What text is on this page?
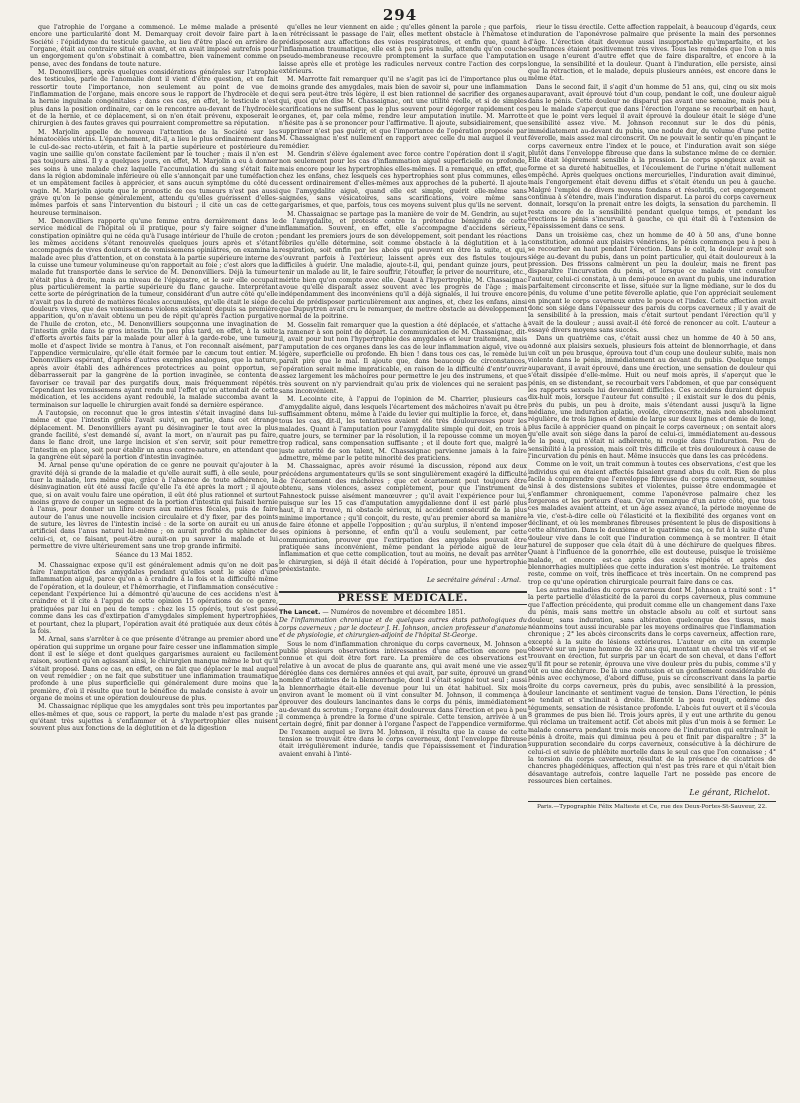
294

que l'atrophie de l'organe a commencé. Le même malade a présenté encore une particularité dont M. Demarquay croit devoir faire part à la Société : l'épididyme du testicule gauche, au lieu d'être placé en arrière de l'organe, était au contraire situé en avant, et en avait imposé autrefois pour un engorgement qu'on s'obstinait à combattre, bien vainement comme on pense, avec des fondans de toute nature.

M. Denonvilliers, après quelques considérations générales sur l'atrophie des testicules, parle de l'anomalie dont il vient d'être question, et en fait ressortir toute l'importance, non seulement au point de vue de l'inflammation de l'organe, mais encore sous le rapport de l'hydrocèle et de la hernie inguinale congénitales ; dans ces cas, en effet, le testicule n'est plus dans la position ordinaire, car on le rencontre au-devant de l'hydrocèle et de la hernie, et ce déplacement, si on n'en était prévenu, exposerait le chirurgien à des fautes graves qui pourraient compromettre sa réputation.

M. Marjolin appelle de nouveau l'attention de la Société sur les hématocèles utérins. L'épanchement, dit-il, a lieu le plus ordinairement dans le cul-de-sac recto-utérin, et fait à la partie supérieure et postérieure du vagin une saillie qu'on constate facilement par le toucher ; mais il n'en est pas toujours ainsi. Il y a quelques jours, en effet, M. Marjolin a eu à donner ses soins à une malade chez laquelle l'accumulation du sang s'était faite dans la région abdominale inférieure où elle s'annonçait par une tuméfaction et un empâtement faciles à apprécier, et sans aucun symptôme du côté du vagin. M. Marjolin ajoute que le pronostic de ces tumeurs n'est pas aussi grave qu'on le pense généralement, attendu qu'elles guérissent d'elles-mêmes parfois et sans l'intervention du bistouri ; il cite un cas de cette heureuse terminaison.

M. Denonvilliers rapporte qu'une femme entra dernièrement dans le service médical de l'hôpital où il pratique, pour s'y faire soigner d'une constipation opiniâtre qui ne céda qu'à l'usage intérieur de l'huile de croton ; les mêmes accidens s'étant renouvelés quelques jours après et s'étant accompagnés de vives douleurs et de vomissemens opiniâtres, on examina la malade avec plus d'attention, et on constata à la partie supérieure interne de la cuisse une tumeur volumineuse qu'on rapportait au foie ; c'est alors que la malade fut transportée dans le service de M. Denonvilliers. Déjà la tumeur n'était plus à droite, mais au niveau de l'épigastre, et le soir elle occupait plus particulièrement la partie supérieure du flanc gauche. Interprétant cette sorte de pérégrination de la tumeur, considérant d'un autre côté qu'elle n'avait pas la dureté de matières fécales accumulées, qu'elle était le siége de douleurs vives, que des vomissemens violens existaient depuis sa première apparition, qu'on n'avait obtenu un peu de répit qu'après l'action purgative de l'huile de croton, etc., M. Denonvilliers soupçonna une invagination de l'intestin grêle dans le gros intestin. Un peu plus tard, en effet, à la suite d'efforts avortés faits par la malade pour aller à la garde-robe, une tumeur molle et d'aspect livide se montra à l'anus, et l'on reconnaît aisément, par l'appendice vermiculaire, qu'elle était formée par le cæcum tout entier. M. Denonvilliers espérant, d'après d'autres exemples analogues, que la nature, après avoir établi des adhérences protectrices au point opportun, se débarrasserait par la gangrène de la portion invaginée, se contenta de favoriser ce travail par des purgatifs doux, mais fréquemment répétés. Cependant les vomissemens ayant rendu nul l'effet qu'on attendait de cette médication, et les accidens ayant redoublé, la malade succomba avant la terminaison sur laquelle le chirurgien avait fondé sa dernière espérance.

A l'autopsie, on reconnut que le gros intestin s'était invaginé dans lui-même et que l'intestin grêle l'avait suivi, en partie, dans cet étrange déplacement. M. Denonvilliers ayant pu désinvaginer le tout avec la plus grande facilité, s'est demandé si, avant la mort, on n'aurait pas pu faire, dans le flanc droit, une large incision et s'en servir, soit pour remettre l'intestin en place, soit pour établir un anus contre-nature, en attendant que la gangrène eût séparé la portion d'intestin invaginée.

M. Arnal pense qu'une opération de ce genre ne pouvait qu'ajouter à la gravité déjà si grande de la maladie et qu'elle aurait suffi, à elle seule, pour tuer la malade, lors même que, grâce à l'absence de toute adhérence, la désinvagination eût été aussi facile qu'elle l'a été après la mort ; il ajoute que, si on avait voulu faire une opération, il eût été plus rationnel et surtout moins grave de couper un segment de la portion d'intestin qui faisait hernie à l'anus, pour donner un libre cours aux matières fécales, puis de faire autour de l'anus une nouvelle incision circulaire et d'y fixer, par des points de suture, les lèvres de l'intestin incisé : de la sorte on aurait eu un anus artificiel dans l'anus naturel lui-même ; on aurait profité du sphincter de celui-ci, et, ce faisant, peut-être aurait-on pu sauver la malade et lui permettre de vivre ultérieurement sans une trop grande infirmité.

Séance du 13 Mai 1852.

M. Chassaignac expose qu'il est généralement admis qu'on ne doit pas faire l'amputation des amygdales pendant qu'elles sont le siége d'une inflammation aiguë, parce qu'on a à craindre à la fois et la difficulté même de l'opération, et la douleur, et l'hémorrhagie, et l'inflammation consécutive : cependant l'expérience lui a démontré qu'aucune de ces accidens n'est à craindre et il cite à l'appui de cette opinion 15 opérations de ce genre, pratiquées par lui en peu de temps : chez les 15 opérés, tout s'est passé comme dans les cas d'extirpation d'amygdales simplement hypertrophiées, et pourtant, chez la plupart, l'opération avait été pratiquée aux deux côtés à la fois.

M. Arnal, sans s'arrêter à ce que présente d'étrange au premier abord une opération qui supprime un organe pour faire cesser une inflammation simple dont il est le siége et dont quelques gargarismes auraient eu facilement raison, soutient qu'en agissant ainsi, le chirurgien manque même le but qu'il s'était proposé. Dans ce cas, en effet, on ne fait que déplacer le mal auquel on veut remédier ; on ne fait que substituer une inflammation traumatique profonde à une plus superficielle qui généralement dure moins que la première, d'où il résulte que tout le bénéfice du malade consiste à avoir un organe de moins et une opération douloureuse de plus.

M. Chassaignac réplique que les amygdales sont très peu importantes par elles-mêmes et que, sous ce rapport, la perte du malade n'est pas grande ; qu'étant très sujettes à s'enflammer et à s'hypertrophier elles nuisent souvent plus aux fonctions de la déglutition et de la digestion

qu'elles ne leur viennent en aide ; qu'elles gênent la parole ; que parfois, en rétrécissant le passage de l'air, elles mettent obstacle à l'hématose et prédisposent aux affections des voies respiratoires, et enfin que, quant à l'inflammation traumatique, elle est à peu près nulle, attendu qu'on couche pseudo-membraneuse recouvre promptement la surface que l'amputation laisse après elle et protège les radicules nerveux contre l'action des corps extérieurs.

M. Marrotte fait remarquer qu'il ne s'agit pas ici de l'importance plus ou moins grande des amygdales, mais bien de savoir si, pour une inflammation qui sera peut-être très légère, il est bien rationnel de sacrifier des organes qui, quoi qu'en dise M. Chassaignac, ont une utilité réelle, et si de simples scarifications ne suffisent pas le plus souvent pour dégorger rapidement ces organes, et, par cela même, rendre leur amputation inutile. M. Marrotte n'hésite pas à se prononcer pour l'affirmative. Il ajoute, subsidiairement, que supprimer n'est pas guérir, et que l'importance de l'opération proposée par M. Chassaignac n'est nullement en rapport avec celle du mal auquel il veut remédier.

M. Gendrin s'élève également avec force contre l'opération dont il s'agit, non seulement pour les cas d'inflammation aiguë superficielle ou profonde, mais encore pour les hypertrophies elles-mêmes. Il a remarqué, en effet, que chez les enfans, chez lesquels ces hypertrophies sont plus communes, elles cessent ordinairement d'elles-mêmes aux approches de la puberté. Il ajoute que l'amygdalite aiguë, quand elle est simple, guérit elle-même sans saignées, sans vésicatoires, sans scarifications, voire même sans gargarismes, et que, parfois, tous ces moyens suivent plus qu'ils ne servent.

M. Chassaignac se partage pas la manière de voir de M. Gendrin, au sujet de l'amygdalite, et proteste contre la prétendue bénignité de cette inflammation. Souvent, en effet, elle s'accompagne d'accidens sérieux, pendant les premiers jours de son développement, soit pendant les réactions fébriles qu'elle détermine, soit comme obstacle à la déglutition et à la respiration, soit enfin par les abcès qui peuvent en être la suite, et qui, s'ouvrant parfois à l'extérieur, laissent après eux des fistules toujours difficiles à guérir. Une maladie, ajoute-t-il, qui, pendant quinze jours, peut tenir un malade au lit, le faire souffrir, l'étouffer, le priver de nourriture, etc., mérite bien qu'on compte avec elle. Quant à l'hypertrophie, M. Chassaignac avoue qu'elle disparaît assez souvent avec les progrès de l'âge ; mais indépendamment des inconvéniens qu'il a déjà signalés, il lui trouve encore celui de prédisposer particulièrement aux angines, et, chez les enfans, ainsi que Dupuytren avait cru le remarquer, de mettre obstacle au développement normal de la poitrine.

M. Gosselin fait remarquer que la question a été déplacée, et s'attache à la ramener à son point de départ. La communication de M. Chassaignac, dit-il, avait pour but non l'hypertrophie des amygdales et leur traitement, mais l'amputation de ces organes dans les cas de leur inflammation aiguë, vive ou légère, superficielle ou profonde. Eh bien ! dans tous ces cas, le remède lui paraît pire que le mal. Il ajoute que, dans beaucoup de circonstances, l'opération serait même impraticable, en raison de la difficulté d'entr'ouvrir assez largement les mâchoires pour permettre le jeu des instrumens, et que très souvent on n'y parviendrait qu'au prix de violences qui ne seraient pas sans inconvénient.

M. Lecointe cite, à l'appui de l'opinion de M. Charrier, plusieurs cas d'amygdalite aiguë, dans lesquels l'écartement des mâchoires n'avait pu être suffisamment obtenu, même à l'aide du levier qui multiplie la force, et, dans tous les cas, dit-il, les tentatives avaient été très douloureuses pour les malades. Quant à l'amputation pour l'amygdalite simple qui doit, en trois à quatre jours, se terminer par la résolution, il la repousse comme un moyen trop radical, sans compensation suffisante ; et il doute fort que, malgré la juste autorité de son talent, M. Chassaignac parvienne jamais à la faire admettre, même par le petite minorité des praticiens.

M. Chassaignac, après avoir résumé la discussion, répond aux deux précédens argumentateurs qu'ils se sont singulièrement exagéré la difficulté de l'écartement des mâchoires ; que cet écartement peut toujours être obtenu, sans violences, assez complètement, pour que l'instrument de Fahnestock puisse aisément manœuvrer ; qu'il avait l'expérience pour lui, puisque sur les 15 cas d'amputation amygdalienne dont il est parlé plus haut, il n'a trouvé, ni obstacle sérieux, ni accident consécutif de la plus minime importance ; qu'il conçoit, du reste, qu'au premier abord sa manière de faire étonne et appelle l'opposition ; qu'au surplus, il n'entend imposer ses opinions à personne, et enfin qu'il a voulu seulement, par cette communication, prouver que l'extirpation des amygdales pouvait être pratiquée sans inconvénient, même pendant la période aiguë de leur inflammation et que cette complication, tout au moins, ne devait pas arrêter le chirurgien, si déjà il était décidé à l'opération, pour une hypertrophie préexistante.

Le secrétaire général : Arnal.

PRESSE MÉDICALE.

The Lancet. — Numéros de novembre et décembre 1851.

De l'inflammation chronique et de quelques autres états pathologiques du corps caverneux ; par le docteur J. H. Johnson, ancien professeur d'anatomie et de physiologie, et chirurgien-adjoint de l'hôpital St-George.

Sous le nom d'inflammation chronique du corps caverneux, M. Johnson a publié plusieurs observations intéressantes d'une affection encore peu connue et qui doit être fort rare. La première de ces observations est relative à un avocat de plus de quarante ans, qui avait mené une vie assez déréglée dans ces dernières années et qui avait, par suite, éprouvé un grand nombre d'atteintes de la blennorrhagie, dont il s'était soigné tout seul ; aussi la blennorrhagie était-elle devenue pour lui un état habituel. Six mois environ avant le moment où il vint consulter M. Johnson, il commença à éprouver des douleurs lancinantes dans le corps du pénis, immédiatement au-devant du scrotum ; l'organe était douloureux dans l'érection et peu à peu il commença à prendre la forme d'une spirale. Cette tension, arrivée à un certain degré, finit par donner à l'organe l'aspect de l'appendice vermiforme. De l'examen auquel se livra M. Johnson, il résulta que la cause de cette tension se trouvait être dans le corps caverneux, dont l'enveloppe fibreuse était irrégulièrement indurée, tandis que l'épaississement et l'induration avaient envahi à l'inté-

rieur le tissu érectile. Cette affection rappelait, à beaucoup d'égards, ceux induration de l'aponévrose palmaire que présente la main des personnes d'âge. L'érection était devenue aussi insupportable qu'imparfaite, et les souffrances étaient positivement très vives. Tous les remèdes que l'on a mis en usage n'eurent d'autre effet que de faire disparaître, et encore à la longue, la sensibilité et la douleur. Quant à l'induration, elle persiste, ainsi que la rétraction, et le malade, depuis plusieurs années, est encore dans le même état.

Dans le second fait, il s'agit d'un homme de 51 ans, qui, cinq ou six mois auparavant, avait éprouvé tout d'un coup, pendant le coït, une douleur aiguë dans le pénis. Cette douleur ne disparut pas avant une semaine, mais peu à peu le malade s'aperçut que dans l'érection l'organe se recourbait en haut, et que le point vers lequel il avait éprouvé la douleur était le siége d'une sensibilité assez vive. M. Johnson reconnut sur le dos du pénis, immédiatement au-devant du pubis, une nodule dur, du volume d'une petite féverolle, mais assez mal circonscrit. On ne pouvait le sentir qu'en pinçant le corps caverneux entre l'index et le pouce, et l'induration avait son siége plutôt dans l'enveloppe fibreuse que dans la substance même de ce dernier. Elle était légèrement sensible à la pression. Le corps spongieux avait sa forme et sa dureté habituelles, et l'écoulement de l'urine n'était nullement empêché. Après quelques onctions mercurielles, l'induration avait diminué, mais l'engorgement était devenu diffus et s'était étendu un peu à gauche. Malgré l'emploi de divers moyens fondans et résolutifs, cet engorgement continua à s'étendre, mais l'induration disparut. La paroi du corps caverneux donnait, lorsqu'on la prenait entre les doigts, la sensation du parchemin. Il resta encore de la sensibilité pendant quelque temps, et pendant les érections le pénis s'incurvait à gauche, ce qui était dû à l'extension de l'épaississement dans ce sens.

Dans un troisième cas, chez un homme de 40 à 50 ans, d'une bonne constitution, adonné aux plaisirs vénériens, le pénis commença peu à peu à se recourber en haut pendant l'érection. Dans le coït, la douleur avait son siége au-devant du pubis, dans un point particulier, qui était douloureux à la pression. Des frissons calmèrent un peu la douleur, mais ne firent pas disparaître l'incurvation du pénis, et lorsque ce malade vint consulter l'auteur, celui-ci constata, à un demi-pouce en avant du pubis, une induration parfaitement circonscrite et lisse, située sur la ligne médiane, sur le dos du pénis, du volume d'une petite féverolle aplatie, que l'on appréciait seulement en pinçant le corps caverneux entre le pouce et l'index. Cette affection avait donc son siége dans l'épaisseur des parois du corps caverneux ; il y avait de la sensibilité à la pression, mais c'était surtout pendant l'érection qu'il y avait de la douleur ; aussi avait-il été forcé de renoncer au coït. L'auteur a essayé divers moyens sans succès.

Dans un quatrième cas, c'était aussi chez un homme de 40 à 50 ans, adonné aux plaisirs sexuels, plusieurs fois atteint de blennorrhagie, et dans un coït un peu brusque, éprouva tout d'un coup une douleur subite, mais non violente dans le pénis, immédiatement au devant du pubis. Quelque temps auparavant, il avait éprouvé, dans une érection, une sensation de douleur qui s'était dissipée d'elle-même. Huit ou neuf mois après, il s'aperçut que le pénis, en se distendant, se recourbait vers l'abdomen, et que par conséquent les rapports sexuels lui devenaient difficiles. Ces accidens duraient depuis dix-huit mois, lorsque l'auteur fut consulté ; il existait sur le dos du pénis, près du pubis, un peu à droite, mais s'étendant aussi jusqu'à la ligne médiane, une induration aplatie, ovoïde, circonscrite, mais non absolument régulière, de trois lignes et demie de large sur deux lignes et demie de long, plus facile à apprécier quand on pinçait le corps caverneux ; on sentait alors qu'elle avait son siége dans la paroi de celui-ci, immédiatement au-dessous de la peau, qui n'était ni adhérente, ni rougie dans l'induration. Peu de sensibilité à la pression, mais coït très difficile et très douloureux à cause de l'incurvation du pénis en haut. Même insuccès que dans les cas précédens.

Comme on le voit, un trait commun à toutes ces observations, c'est que les individus qui en étaient affectés faisaient grand abus du coït. Rien de plus facile à comprendre que l'enveloppe fibreuse du corps caverneux, soumise ainsi à des distensions subites et violentes, puisse être endommagée et s'enflammer chroniquement, comme l'aponévrose palmaire chez les forgerons et les porteurs d'eau. Qu'on remarque d'un autre côté, que tous ces malades avaient atteint, et un âge assez avancé, la période moyenne de la vie, c'est-à-dire celle où l'élasticité et la flexibilité des organes vont en déclinant, et où les membranes fibreuses présentent le plus de dispositions à cette altération. Dans le deuxième et le quatrième cas, ce fut à la suite d'une douleur vive dans le coït que l'induration commença à se montrer. Il était naturel de supposer que cela était dû à une déchirure de quelques fibres. Quant à l'influence de la gonorrhée, elle est douteuse, puisque le troisième malade, et encore est-ce après des excès répétés et après des blennorrhagies multipliées que cette induration s'est montrée. Le traitement reste, comme on voit, très inefficace et très incertain. On ne comprend pas trop ce qu'une opération chirurgicale pourrait faire dans ce cas.

Les autres maladies du corps caverneux dont M. Johnson a traité sont : 1° la perte partielle d'élasticité de la paroi du corps caverneux, plus commune que l'affection précédente, qui produit comme elle un changement dans l'axe du pénis, mais sans mettre un obstacle absolu au coït et surtout sans douleur, sans induration, sans altération quelconque des tissus, mais néanmoins tout aussi incurable par les moyens ordinaires que l'inflammation chronique ; 2° les abcès circonscrits dans le corps caverneux, affection rare, excepté à la suite de lésions extérieures. L'auteur en cite un exemple observé sur un jeune homme de 32 ans qui, montant un cheval très vif et se trouvant en érection, fut surpris par un écart de son cheval, et dans l'effort qu'il fit pour se retenir, éprouva une vive douleur près du pubis, comme s'il y eût eu une déchirure. De là une contusion et un gonflement considérable du pénis avec ecchymose, d'abord diffuse, puis se circonscrivant dans la partie droite du corps caverneux, près du pubis, avec sensibilité à la pression, douleur lancinante et sentiment vague de tension. Dans l'érection, le pénis se tendait et s'inclinait à droite. Bientôt la peau rougit, œdème des téguments, sensation de résistance profonde. L'abcès fut ouvert et il s'écoula 8 grammes de pus bien lié. Trois jours après, il y eut une arthrite du genou qui réclama un traitement actif. Cet abcès mit plus d'un mois à se fermer. Le malade conserva pendant trois mois encore de l'induration qui entraînait le pénis à droite, mais qui diminua peu à peu et finit par disparaître ; 3° la suppuration secondaire du corps caverneux, consécutive à la déchirure de celui-ci et suivie de phlébite mortelle dans le seul cas que l'on connaisse ; 4° la torsion du corps caverneux, résultat de la présence de cicatrices de chancres phagédéniques, affection qui n'est pas très rare et qui n'était bien désavantage autrefois, contre laquelle l'art ne possède pas encore de ressources bien certaines.

Le gérant, Richelot.

Paris.—Typographie Félix Malteste et Ce, rue des Deux-Portes-St-Sauveur, 22.
